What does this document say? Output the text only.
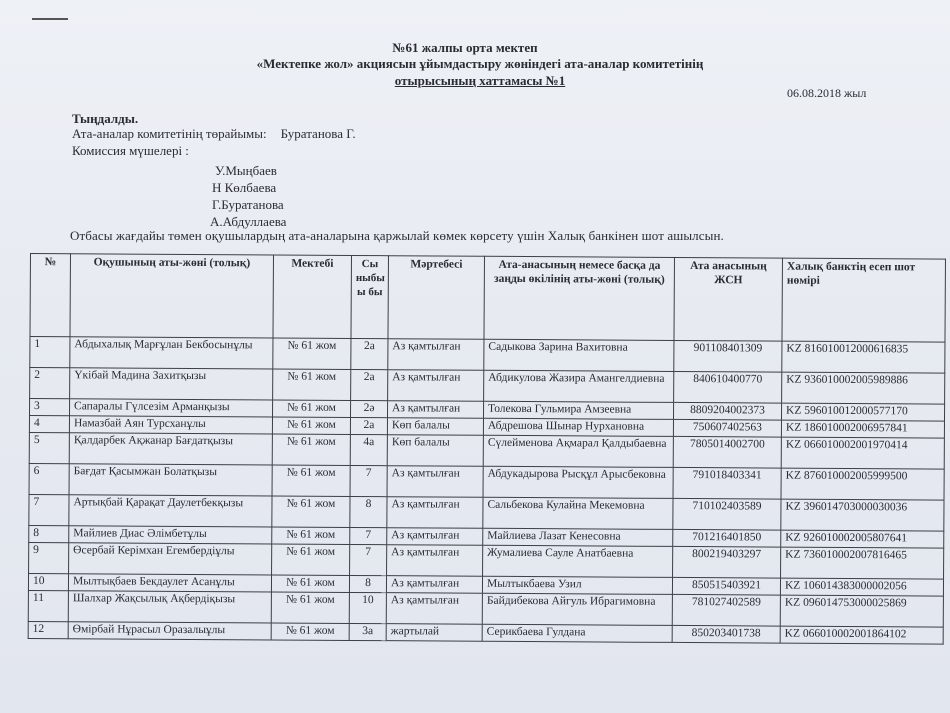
№61 жалпы орта мектеп
«Мектепке жол» акциясын ұйымдастыру жөніндегі ата-аналар комитетінің
отырысының хаттамасы №1
06.08.2018 жыл
Тыңдалды.
Ата-аналар комитетінің төрайымы: Буратанова Г.
Комиссия мүшелері :
У.Мыңбаев
Н Көлбаева
Г.Буратанова
А.Абдуллаева
Отбасы жағдайы төмен оқушылардың ата-аналарына қаржылай көмек көрсету үшін Халық банкінен шот ашылсын.
№	Оқушының аты-жөні (толық)	Мектебі	Сы ныбы ы бы	Мәртебесі	Ата-анасының немесе басқа да заңды өкілінің аты-жөні (толық)	Ата анасының ЖСН	Халық банктің есеп шот нөмірі
1	Абдыхалық Марғұлан Бекбосынұлы	№ 61 жом	2а	Аз қамтылған	Садыкова Зарина Вахитовна	901108401309	KZ 816010012000616835
2	Үкібай Мадина Захитқызы	№ 61 жом	2а	Аз қамтылған	Абдикулова Жазира Амангелдиевна	840610400770	KZ 936010002005989886
3	Сапаралы Гүлсезім Арманқызы	№ 61 жом	2ә	Аз қамтылған	Толекова Гульмира Амзеевна	8809204002373	KZ 596010012000577170
4	Намазбай Аян Турсханұлы	№ 61 жом	2а	Көп балалы	Абдрешова Шынар Нурхановна	750607402563	KZ 186010002006957841
5	Қалдарбек Ақжанар Бағдатқызы	№ 61 жом	4а	Көп балалы	Сүлейменова Ақмарал Қалдыбаевна	7805014002700	KZ 066010002001970414
6	Бағдат Қасымжан Болатқызы	№ 61 жом	7	Аз қамтылған	Абдукадырова Рысқұл Арысбековна	791018403341	KZ 876010002005999500
7	Артықбай Қарақат Даулетбекқызы	№ 61 жом	8	Аз қамтылған	Сальбекова Кулайна Мекемовна	710102403589	KZ 396014703000030036
8	Майлиев Диас Әлімбетұлы	№ 61 жом	7	Аз қамтылған	Майлиева Лазат Кенесовна	701216401850	KZ 926010002005807641
9	Өсербай Керімхан Егембердіұлы	№ 61 жом	7	Аз қамтылған	Жумалиева Сауле Анатбаевна	800219403297	KZ 736010002007816465
10	Мылтықбаев Бекдаулет Асанұлы	№ 61 жом	8	Аз қамтылған	Мылтыкбаева Узил	850515403921	KZ 106014383000002056
11	Шалхар Жақсылық Ақбердіқызы	№ 61 жом	10	Аз қамтылған	Байдибекова Айгуль Ибрагимовна	781027402589	KZ 096014753000025869
12	Өмірбай Нұрасыл Оразалыұлы	№ 61 жом	3а	жартылай	Серикбаева Гулдана	850203401738	KZ 066010002001864102
